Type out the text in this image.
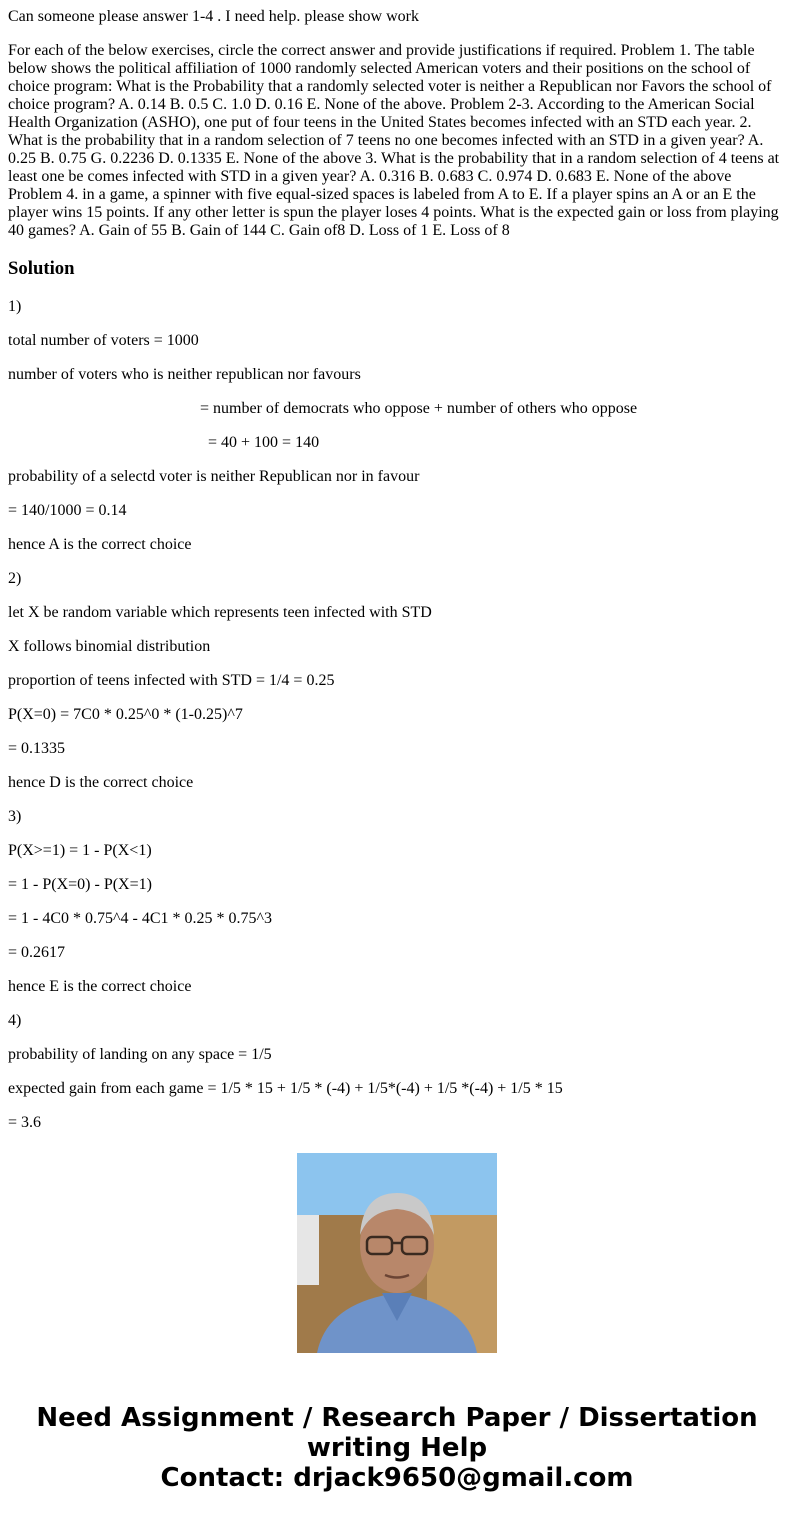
Can someone please answer 1-4 . I need help. please show work

For each of the below exercises, circle the correct answer and provide justifications if required. Problem 1. The table below shows the political affiliation of 1000 randomly selected American voters and their positions on the school of choice program: What is the Probability that a randomly selected voter is neither a Republican nor Favors the school of choice program? A. 0.14 B. 0.5 C. 1.0 D. 0.16 E. None of the above. Problem 2-3. According to the American Social Health Organization (ASHO), one put of four teens in the United States becomes infected with an STD each year. 2. What is the probability that in a random selection of 7 teens no one becomes infected with an STD in a given year? A. 0.25 B. 0.75 G. 0.2236 D. 0.1335 E. None of the above 3. What is the probability that in a random selection of 4 teens at least one be comes infected with STD in a given year? A. 0.316 B. 0.683 C. 0.974 D. 0.683 E. None of the above Problem 4. in a game, a spinner with five equal-sized spaces is labeled from A to E. If a player spins an A or an E the player wins 15 points. If any other letter is spun the player loses 4 points. What is the expected gain or loss from playing 40 games? A. Gain of 55 B. Gain of 144 C. Gain of8 D. Loss of 1 E. Loss of 8

Solution

1)

total number of voters = 1000

number of voters who is neither republican nor favours

= number of democrats who oppose + number of others who oppose

= 40 + 100 = 140

probability of a selectd voter is neither Republican nor in favour

= 140/1000 = 0.14

hence A is the correct choice

2)

let X be random variable which represents teen infected with STD

X follows binomial distribution

proportion of teens infected with STD = 1/4 = 0.25

P(X=0) = 7C0 * 0.25^0 * (1-0.25)^7

= 0.1335

hence D is the correct choice

3)

P(X>=1) = 1 - P(X<1)

= 1 - P(X=0) - P(X=1)

= 1 - 4C0 * 0.75^4 - 4C1 * 0.25 * 0.75^3

= 0.2617

hence E is the correct choice

4)

probability of landing on any space = 1/5

expected gain from each game = 1/5 * 15 + 1/5 * (-4) + 1/5*(-4) + 1/5 *(-4) + 1/5 * 15

= 3.6

Need Assignment / Research Paper / Dissertation
writing Help
Contact: drjack9650@gmail.com
